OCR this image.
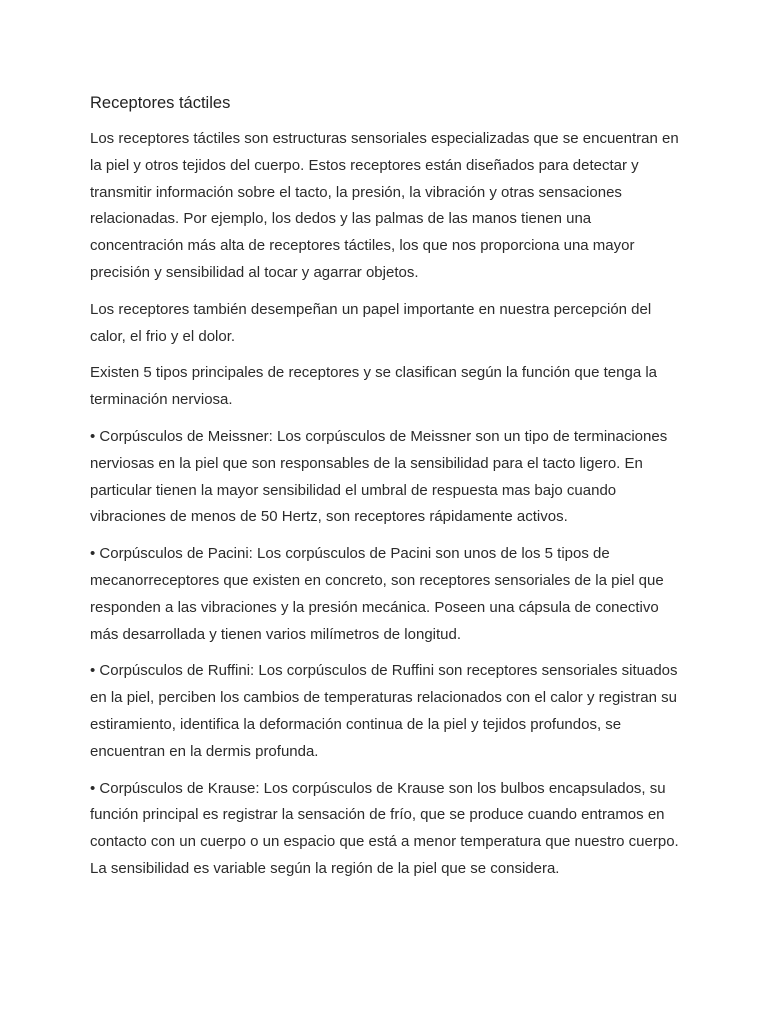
Receptores táctiles

Los receptores táctiles son estructuras sensoriales especializadas que se encuentran en la piel y otros tejidos del cuerpo. Estos receptores están diseñados para detectar y transmitir información sobre el tacto, la presión, la vibración y otras sensaciones relacionadas. Por ejemplo, los dedos y las palmas de las manos tienen una concentración más alta de receptores táctiles, los que nos proporciona una mayor precisión y sensibilidad al tocar y agarrar objetos.

Los receptores también desempeñan un papel importante en nuestra percepción del calor, el frio y el dolor.

Existen 5 tipos principales de receptores y se clasifican según la función que tenga la terminación nerviosa.

• Corpúsculos de Meissner: Los corpúsculos de Meissner son un tipo de terminaciones nerviosas en la piel que son responsables de la sensibilidad para el tacto ligero. En particular tienen la mayor sensibilidad el umbral de respuesta mas bajo cuando vibraciones de menos de 50 Hertz, son receptores rápidamente activos.

• Corpúsculos de Pacini: Los corpúsculos de Pacini son unos de los 5 tipos de mecanorreceptores que existen en concreto, son receptores sensoriales de la piel que responden a las vibraciones y la presión mecánica. Poseen una cápsula de conectivo más desarrollada y tienen varios milímetros de longitud.

• Corpúsculos de Ruffini: Los corpúsculos de Ruffini son receptores sensoriales situados en la piel, perciben los cambios de temperaturas relacionados con el calor y registran su estiramiento, identifica la deformación continua de la piel y tejidos profundos, se encuentran en la dermis profunda.

• Corpúsculos de Krause: Los corpúsculos de Krause son los bulbos encapsulados, su función principal es registrar la sensación de frío, que se produce cuando entramos en contacto con un cuerpo o un espacio que está a menor temperatura que nuestro cuerpo. La sensibilidad es variable según la región de la piel que se considera.
